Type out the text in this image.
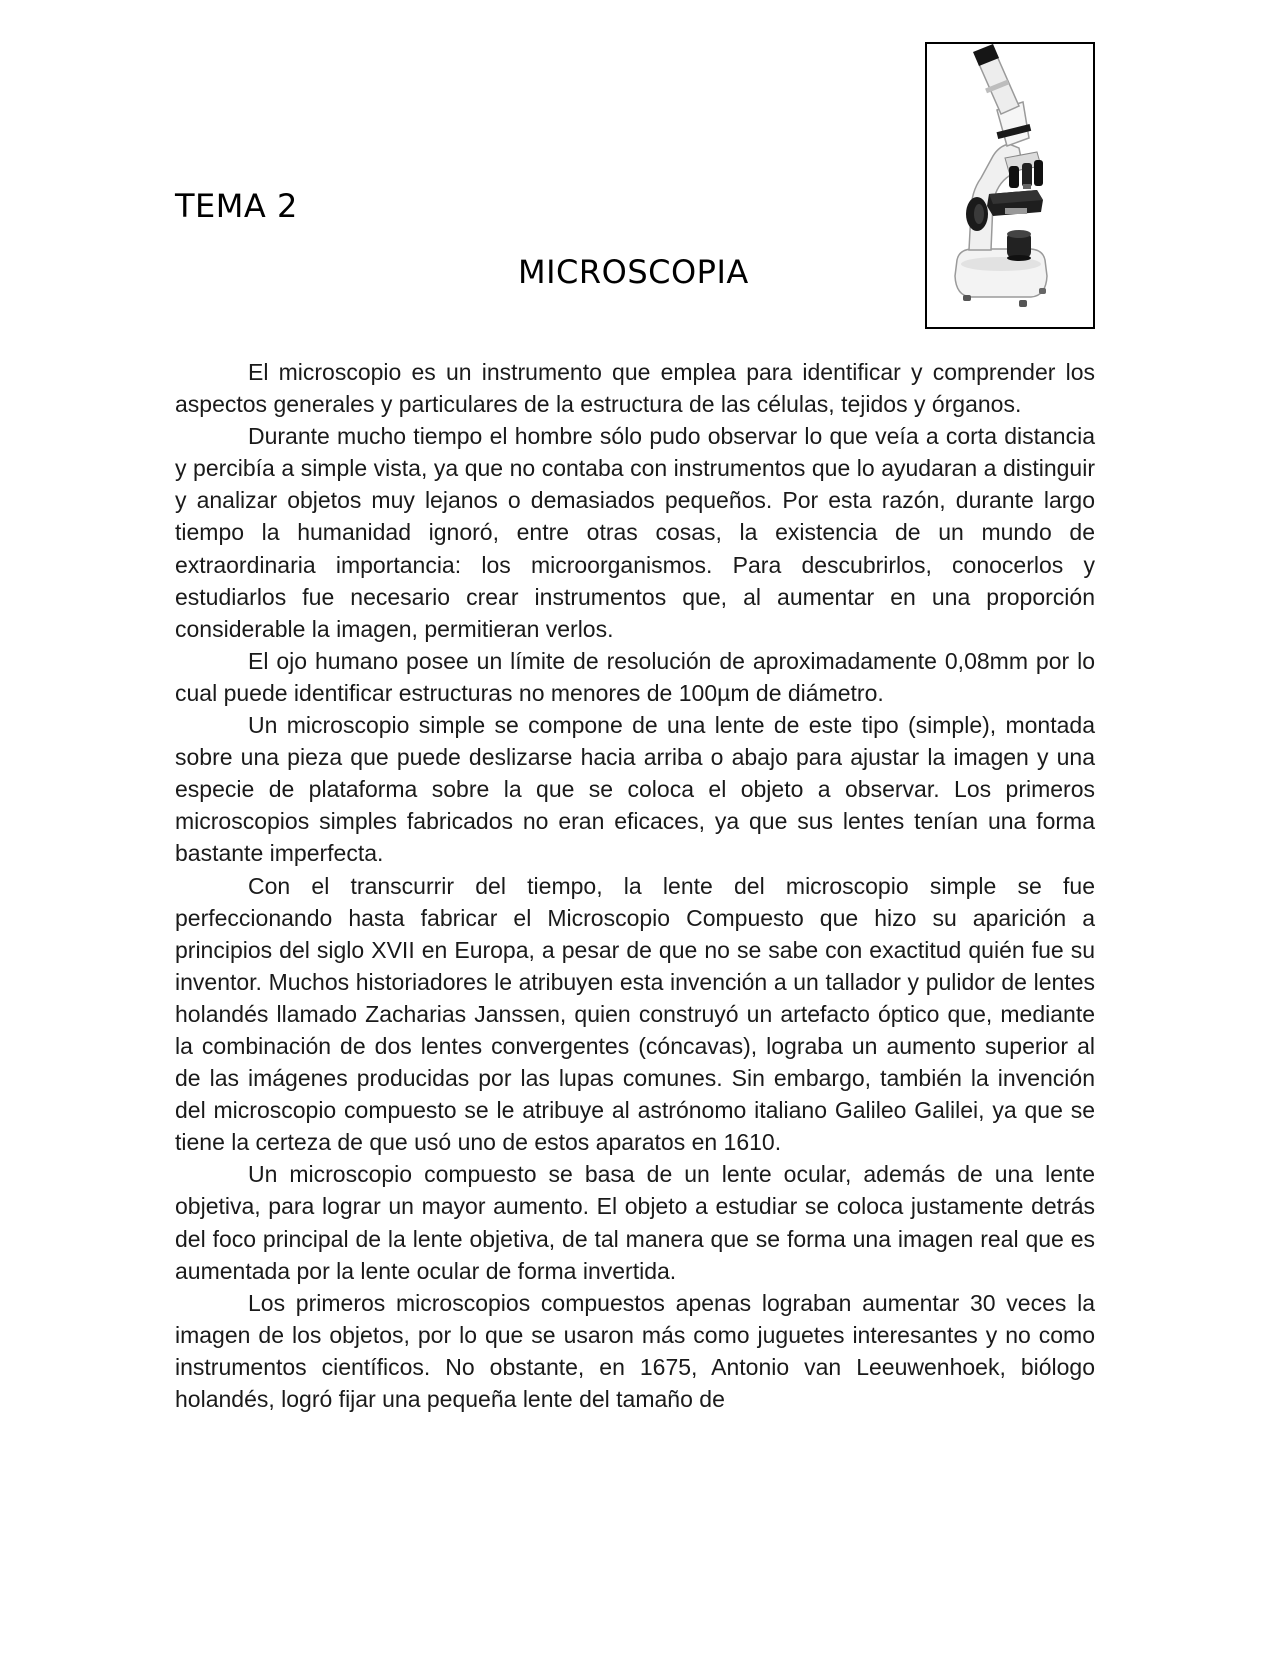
TEMA 2
MICROSCOPIA

El microscopio es un instrumento que emplea para identificar y comprender los aspectos generales y particulares de la estructura de las células, tejidos y órganos.

Durante mucho tiempo el hombre sólo pudo observar lo que veía a corta distancia y percibía a simple vista, ya que no contaba con instrumentos que lo ayudaran a distinguir y analizar objetos muy lejanos o demasiados pequeños. Por esta razón, durante largo tiempo la humanidad ignoró, entre otras cosas, la existencia de un mundo de extraordinaria importancia: los microorganismos. Para descubrirlos, conocerlos y estudiarlos fue necesario crear instrumentos que, al aumentar en una proporción considerable la imagen, permitieran verlos.

El ojo humano posee un límite de resolución de aproximadamente 0,08mm por lo cual puede identificar estructuras no menores de 100µm de diámetro.

Un microscopio simple se compone de una lente de este tipo (simple), montada sobre una pieza que puede deslizarse hacia arriba o abajo para ajustar la imagen y una especie de plataforma sobre la que se coloca el objeto a observar. Los primeros microscopios simples fabricados no eran eficaces, ya que sus lentes tenían una forma bastante imperfecta.

Con el transcurrir del tiempo, la lente del microscopio simple se fue perfeccionando hasta fabricar el Microscopio Compuesto que hizo su aparición a principios del siglo XVII en Europa, a pesar de que no se sabe con exactitud quién fue su inventor. Muchos historiadores le atribuyen esta invención a un tallador y pulidor de lentes holandés llamado Zacharias Janssen, quien construyó un artefacto óptico que, mediante la combinación de dos lentes convergentes (cóncavas), lograba un aumento superior al de las imágenes producidas por las lupas comunes. Sin embargo, también la invención del microscopio compuesto se le atribuye al astrónomo italiano Galileo Galilei, ya que se tiene la certeza de que usó uno de estos aparatos en 1610.

Un microscopio compuesto se basa de un lente ocular, además de una lente objetiva, para lograr un mayor aumento. El objeto a estudiar se coloca justamente detrás del foco principal de la lente objetiva, de tal manera que se forma una imagen real que es aumentada por la lente ocular de forma invertida.

Los primeros microscopios compuestos apenas lograban aumentar 30 veces la imagen de los objetos, por lo que se usaron más como juguetes interesantes y no como instrumentos científicos. No obstante, en 1675, Antonio van Leeuwenhoek, biólogo holandés, logró fijar una pequeña lente del tamaño de
